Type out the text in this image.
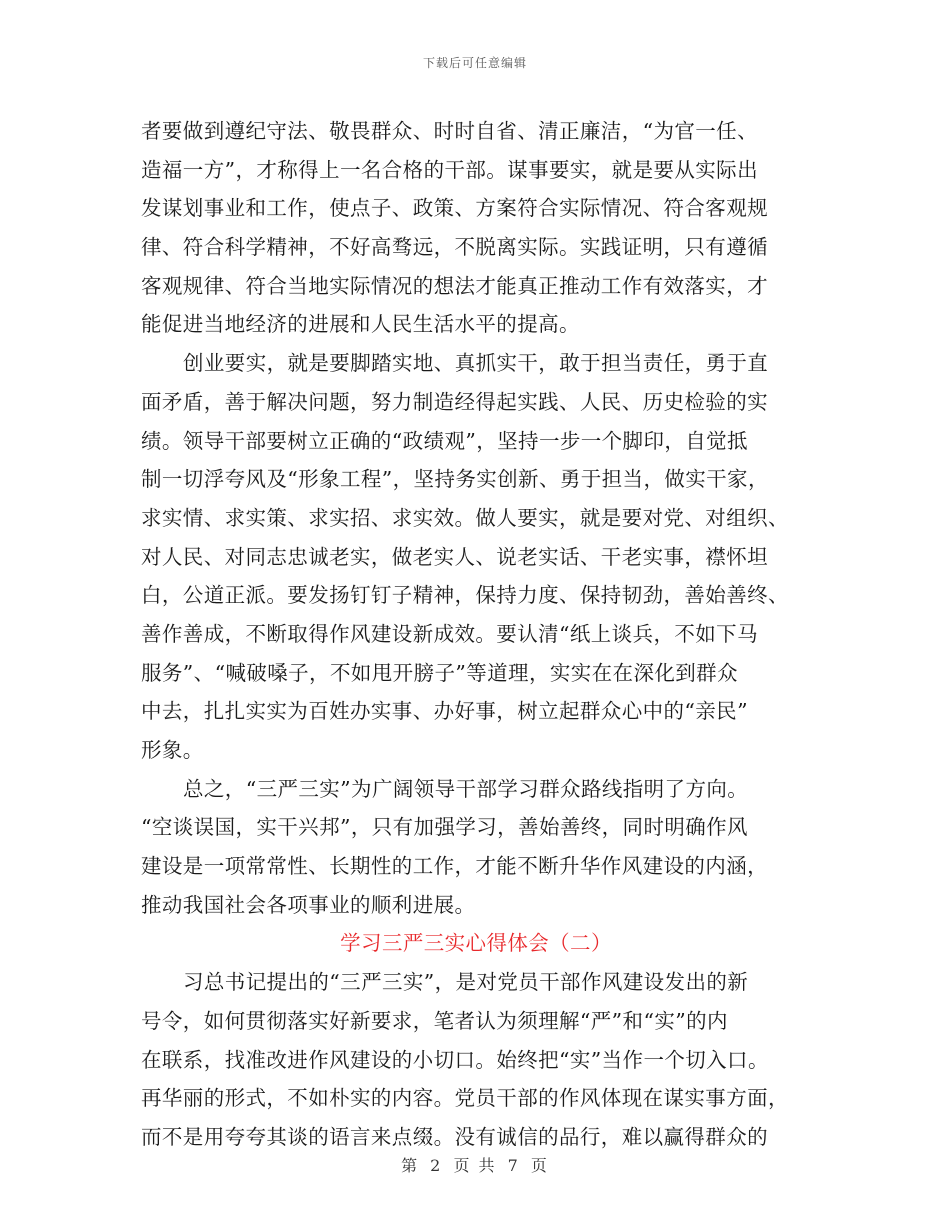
下载后可任意编辑
者要做到遵纪守法、敬畏群众、时时自省、清正廉洁，“为官一任、
造福一方”，才称得上一名合格的干部。谋事要实，就是要从实际出
发谋划事业和工作，使点子、政策、方案符合实际情况、符合客观规
律、符合科学精神，不好高骛远，不脱离实际。实践证明，只有遵循
客观规律、符合当地实际情况的想法才能真正推动工作有效落实，才
能促进当地经济的进展和人民生活水平的提高。
创业要实，就是要脚踏实地、真抓实干，敢于担当责任，勇于直
面矛盾，善于解决问题，努力制造经得起实践、人民、历史检验的实
绩。领导干部要树立正确的“政绩观”，坚持一步一个脚印，自觉抵
制一切浮夸风及“形象工程”，坚持务实创新、勇于担当，做实干家，
求实情、求实策、求实招、求实效。做人要实，就是要对党、对组织、
对人民、对同志忠诚老实，做老实人、说老实话、干老实事，襟怀坦
白，公道正派。要发扬钉钉子精神，保持力度、保持韧劲，善始善终、
善作善成，不断取得作风建设新成效。要认清“纸上谈兵，不如下马
服务”、“喊破嗓子，不如甩开膀子”等道理，实实在在深化到群众
中去，扎扎实实为百姓办实事、办好事，树立起群众心中的“亲民”
形象。
总之，“三严三实”为广阔领导干部学习群众路线指明了方向。
“空谈误国，实干兴邦”，只有加强学习，善始善终，同时明确作风
建设是一项常常性、长期性的工作，才能不断升华作风建设的内涵，
推动我国社会各项事业的顺利进展。
学习三严三实心得体会（二）
习总书记提出的“三严三实”，是对党员干部作风建设发出的新
号令，如何贯彻落实好新要求，笔者认为须理解“严”和“实”的内
在联系，找准改进作风建设的小切口。始终把“实”当作一个切入口。
再华丽的形式，不如朴实的内容。党员干部的作风体现在谋实事方面，
而不是用夸夸其谈的语言来点缀。没有诚信的品行，难以赢得群众的
第 2 页 共 7 页
